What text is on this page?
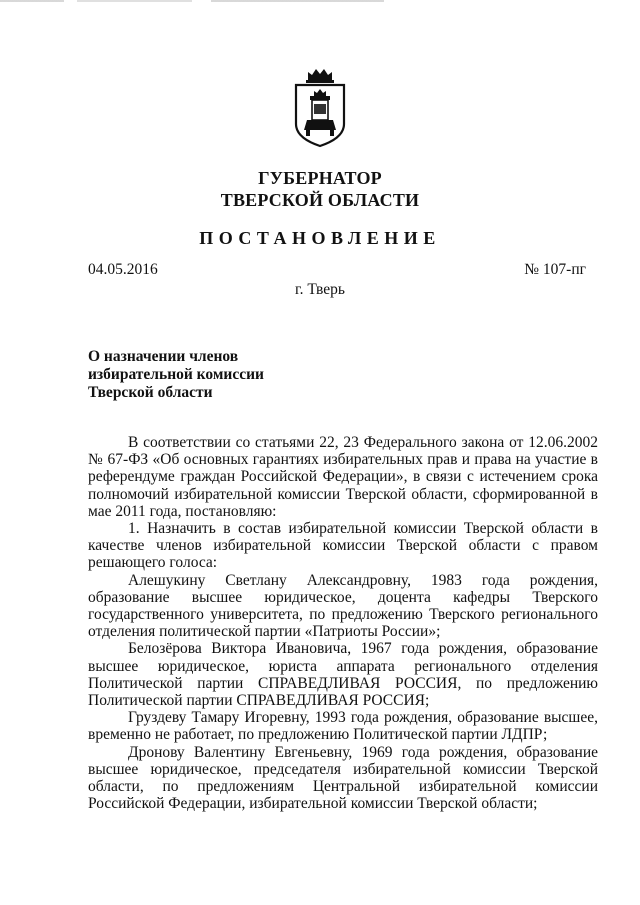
ГУБЕРНАТОР
ТВЕРСКОЙ ОБЛАСТИ
ПОСТАНОВЛЕНИЕ
04.05.2016	№ 107-пг
г. Тверь
О назначении членов
избирательной комиссии
Тверской области

В соответствии со статьями 22, 23 Федерального закона от 12.06.2002 № 67-ФЗ «Об основных гарантиях избирательных прав и права на участие в референдуме граждан Российской Федерации», в связи с истечением срока полномочий избирательной комиссии Тверской области, сформированной в мае 2011 года, постановляю:

1. Назначить в состав избирательной комиссии Тверской области в качестве членов избирательной комиссии Тверской области с правом решающего голоса:

Алешукину Светлану Александровну, 1983 года рождения, образование высшее юридическое, доцента кафедры Тверского государственного университета, по предложению Тверского регионального отделения политической партии «Патриоты России»;

Белозёрова Виктора Ивановича, 1967 года рождения, образование высшее юридическое, юриста аппарата регионального отделения Политической партии СПРАВЕДЛИВАЯ РОССИЯ, по предложению Политической партии СПРАВЕДЛИВАЯ РОССИЯ;

Груздеву Тамару Игоревну, 1993 года рождения, образование высшее, временно не работает, по предложению Политической партии ЛДПР;

Дронову Валентину Евгеньевну, 1969 года рождения, образование высшее юридическое, председателя избирательной комиссии Тверской области, по предложениям Центральной избирательной комиссии Российской Федерации, избирательной комиссии Тверской области;
